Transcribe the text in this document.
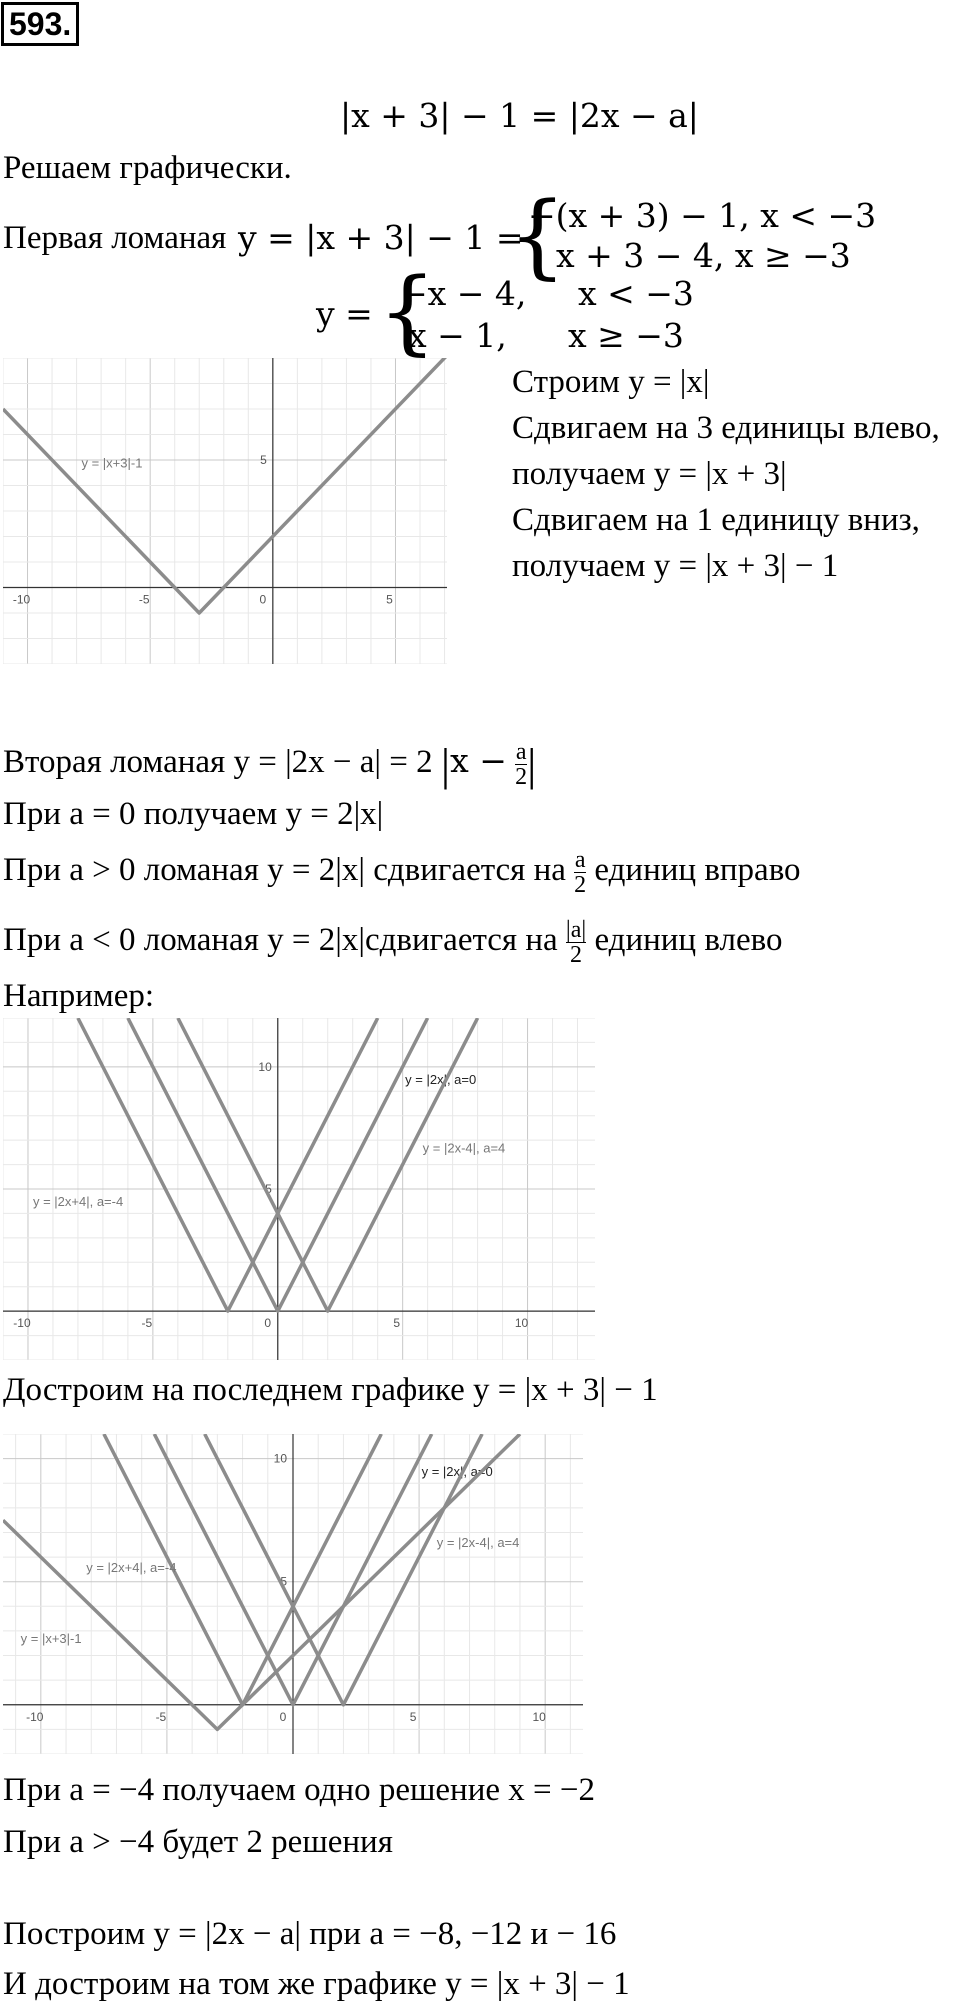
593.
|x + 3| − 1 = |2x − a|
Решаем графически.
Первая ломаная y = |x + 3| − 1 =
{
−(x + 3) − 1, x < −3
x + 3 − 4, x ≥ −3
y = {
−x − 4, x < −3
x − 1, x ≥ −3
-10	-5	0	5
5
y = |x+3|-1
Строим y = |x|
Сдвигаем на 3 единицы влево,
получаем y = |x + 3|
Сдвигаем на 1 единицу вниз,
получаем y = |x + 3| − 1
Вторая ломаная y = |2x − a| = 2 $|x - \frac{a}{2}$ |
При a = 0 получаем y = 2|x|
При a > 0 ломаная y = 2|x| сдвигается на $\frac{a}{2}$ единиц вправо
При a < 0 ломаная y = 2|x|сдвигается на $\frac{|a|}{2}$ единиц влево
Например:
-10	-5	0	5	10
5
10
y = |2x|, a=0
y = |2x-4|, a=4
y = |2x+4|, a=-4
Достроим на последнем графике y = |x + 3| − 1
-10	-5	0	5	10
5
10
y = |2x|, a=0
y = |2x-4|, a=4
y = |2x+4|, a=-4
y = |x+3|-1
При a = −4 получаем одно решение x = −2
При a > −4 будет 2 решения
Построим y = |2x − a| при a = −8, −12 и − 16
И достроим на том же графике y = |x + 3| − 1
